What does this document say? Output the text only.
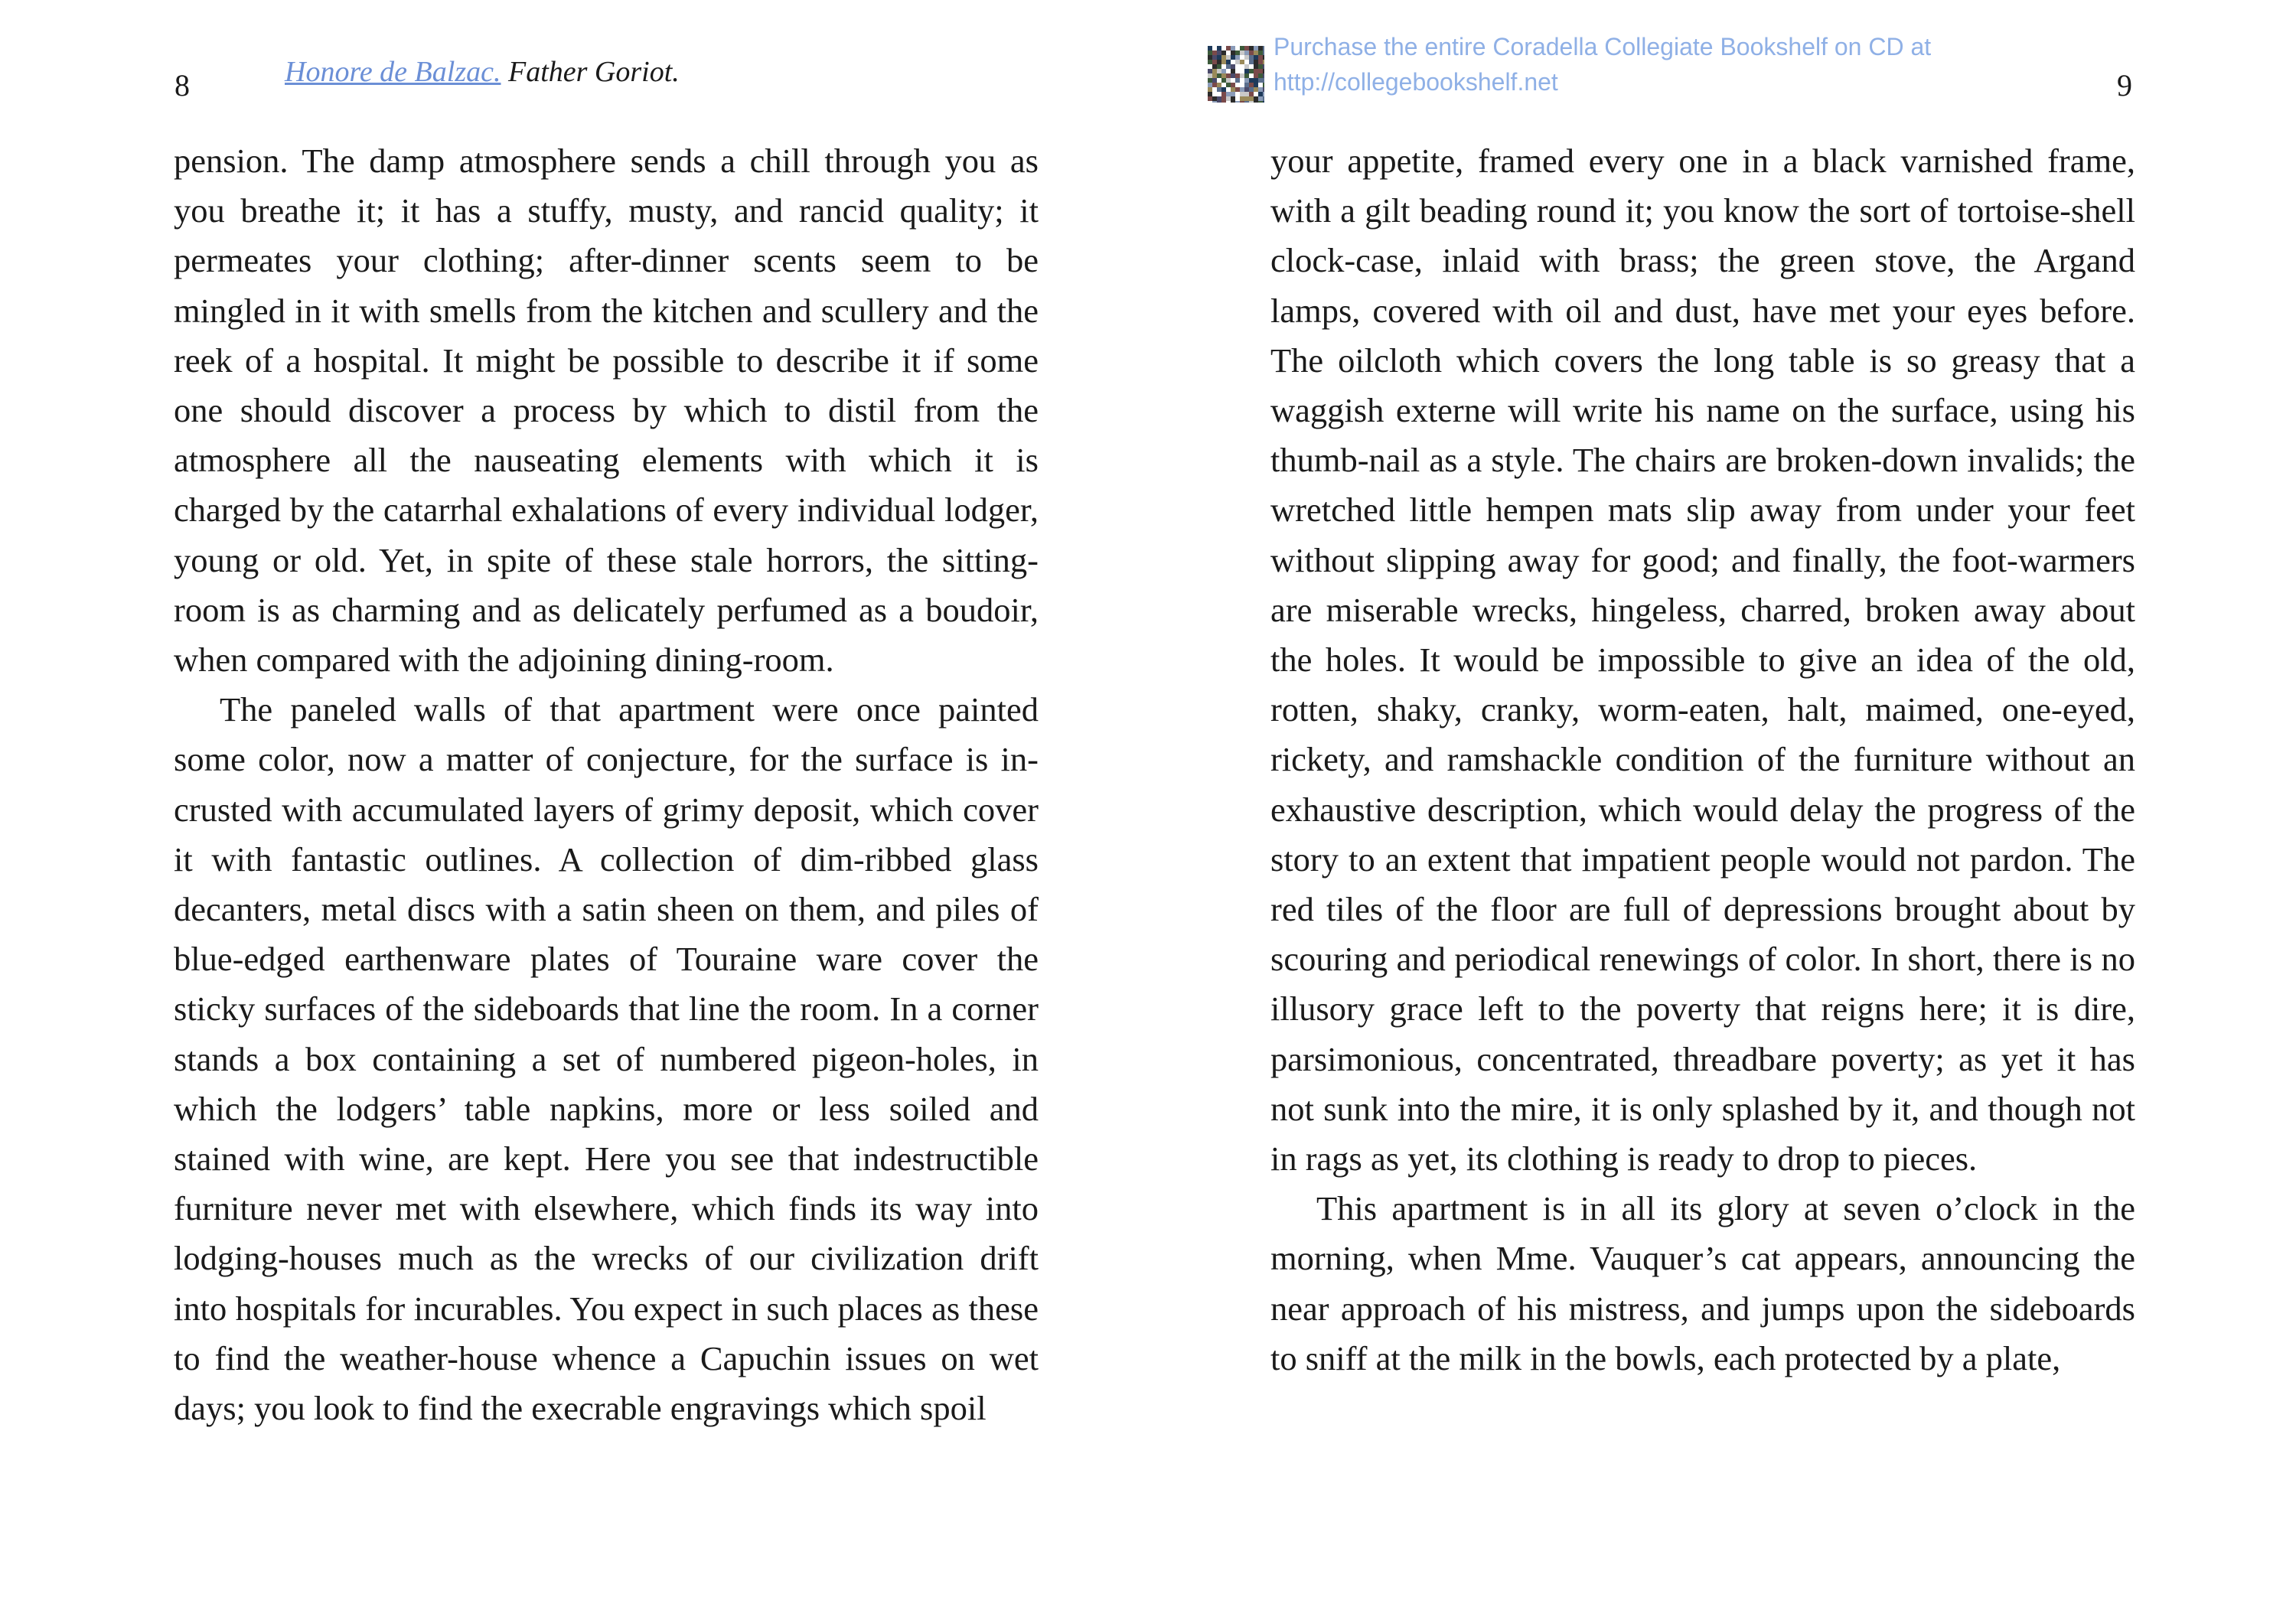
8	Honore de Balzac. Father Goriot.

pension. The damp atmosphere sends a chill through you as you breathe it; it has a stuffy, musty, and rancid quality; it permeates your clothing; after-dinner scents seem to be mingled in it with smells from the kitchen and scullery and the reek of a hospital. It might be possible to describe it if some one should discover a process by which to distil from the atmosphere all the nauseating elements with which it is charged by the catarrhal exhalations of every individual lodger, young or old. Yet, in spite of these stale horrors, the sitting-room is as charming and as delicately perfumed as a boudoir, when compared with the adjoining dining-room.

The paneled walls of that apartment were once painted some color, now a matter of conjecture, for the surface is incrusted with accumulated layers of grimy deposit, which cover it with fantastic outlines. A collection of dim-ribbed glass decanters, metal discs with a satin sheen on them, and piles of blue-edged earthenware plates of Touraine ware cover the sticky surfaces of the sideboards that line the room. In a corner stands a box containing a set of numbered pigeon-holes, in which the lodgers’ table napkins, more or less soiled and stained with wine, are kept. Here you see that indestructible furniture never met with elsewhere, which finds its way into lodging-houses much as the wrecks of our civilization drift into hospitals for incurables. You expect in such places as these to find the weather-house whence a Capuchin issues on wet days; you look to find the execrable engravings which spoil

Purchase the entire Coradella Collegiate Bookshelf on CD at
http://collegebookshelf.net	9

your appetite, framed every one in a black varnished frame, with a gilt beading round it; you know the sort of tortoise-shell clock-case, inlaid with brass; the green stove, the Argand lamps, covered with oil and dust, have met your eyes before. The oilcloth which covers the long table is so greasy that a waggish externe will write his name on the surface, using his thumb-nail as a style. The chairs are broken-down invalids; the wretched little hempen mats slip away from under your feet without slipping away for good; and finally, the foot-warmers are miserable wrecks, hingeless, charred, broken away about the holes. It would be impossible to give an idea of the old, rotten, shaky, cranky, worm-eaten, halt, maimed, one-eyed, rickety, and ramshackle condition of the furniture without an exhaustive description, which would delay the progress of the story to an extent that impatient people would not pardon. The red tiles of the floor are full of depressions brought about by scouring and periodical renewings of color. In short, there is no illusory grace left to the poverty that reigns here; it is dire, parsimonious, concentrated, threadbare poverty; as yet it has not sunk into the mire, it is only splashed by it, and though not in rags as yet, its clothing is ready to drop to pieces.

This apartment is in all its glory at seven o’clock in the morning, when Mme. Vauquer’s cat appears, announcing the near approach of his mistress, and jumps upon the sideboards to sniff at the milk in the bowls, each protected by a plate,
